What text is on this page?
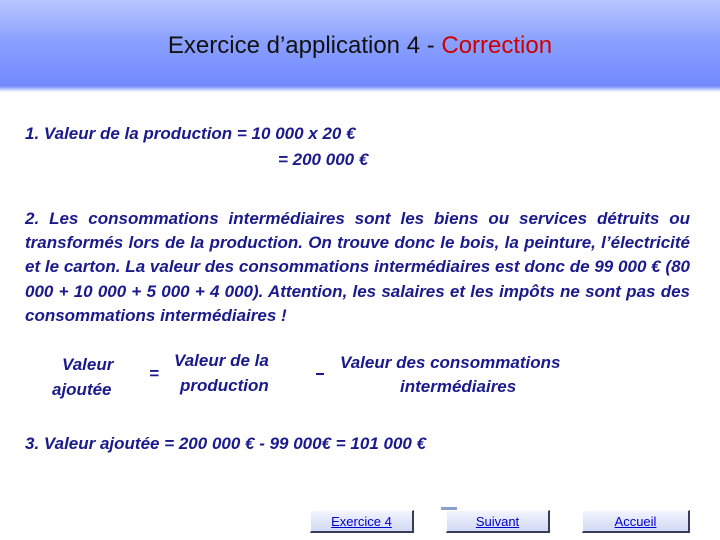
Exercice d’application 4 - Correction

1. Valeur de la production = 10 000 x 20 €

= 200 000 €

2. Les consommations intermédiaires sont les biens ou services détruits ou transformés lors de la production. On trouve donc le bois, la peinture, l’électricité et le carton. La valeur des consommations intermédiaires est donc de 99 000 € (80 000 + 10 000 + 5 000 + 4 000). Attention, les salaires et les impôts ne sont pas des consommations intermédiaires !

Valeur

ajoutée

=

Valeur de la

production

Valeur des consommations

intermédiaires

3. Valeur ajoutée = 200 000 € - 99 000€ = 101 000 €

Exercice 4	Suivant	Accueil
